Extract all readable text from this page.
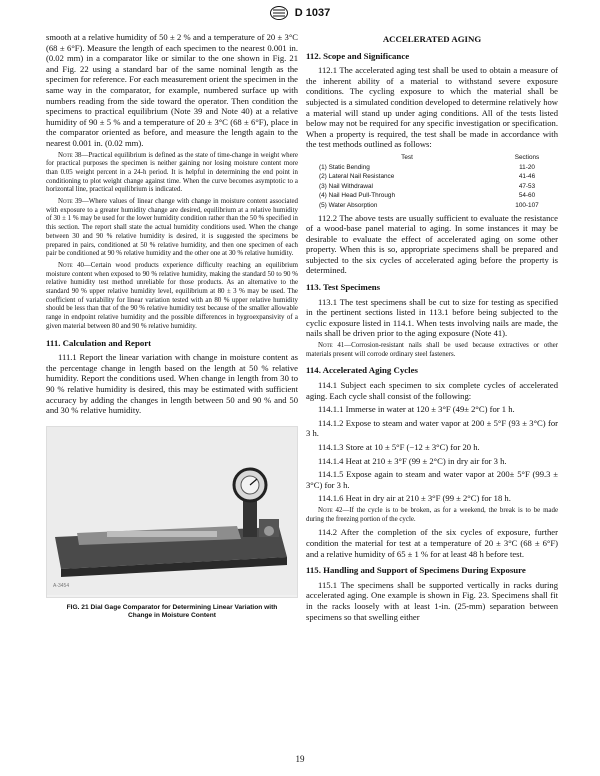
D 1037

smooth at a relative humidity of 50 ± 2 % and a temperature of 20 ± 3°C (68 ± 6°F). Measure the length of each specimen to the nearest 0.001 in. (0.02 mm) in a comparator like or similar to the one shown in Fig. 21 and Fig. 22 using a standard bar of the same nominal length as the specimen for reference. For each measurement orient the specimen in the same way in the comparator, for example, numbered surface up with numbers reading from the side toward the operator. Then condition the specimens to practical equilibrium (Note 39 and Note 40) at a relative humidity of 90 ± 5 % and a temperature of 20 ± 3°C (68 ± 6°F), place in the comparator oriented as before, and measure the length again to the nearest 0.001 in. (0.02 mm).

Note 38—Practical equilibrium is defined as the state of time-change in weight where for practical purposes the specimen is neither gaining nor losing moisture content more than 0.05 weight percent in a 24-h period. It is helpful in determining the end point in conditioning to plot weight change against time. When the curve becomes asymptotic to a horizontal line, practical equilibrium is indicated.
Note 39—Where values of linear change with change in moisture content associated with exposure to a greater humidity change are desired, equilibrium at a relative humidity of 30 ± 1 % may be used for the lower humidity condition rather than the 50 % specified in this section. The report shall state the actual humidity conditions used. When the change between 30 and 90 % relative humidity is desired, it is suggested the specimens be prepared in pairs, conditioned at 50 % relative humidity, and then one specimen of each pair be conditioned at 90 % relative humidity and the other one at 30 % relative humidity.
Note 40—Certain wood products experience difficulty reaching an equilibrium moisture content when exposed to 90 % relative humidity, making the standard 50 to 90 % relative humidity test method unreliable for those products. As an alternative to the standard 90 % upper relative humidity level, equilibrium at 80 ± 3 % may be used. The coefficient of variability for linear variation tested with an 80 % upper relative humidity should be less than that of the 90 % relative humidity test because of the smaller allowable range in endpoint relative humidity and the possible differences in hygroexpansivity of a given material between 80 and 90 % relative humidity.
111. Calculation and Report

111.1 Report the linear variation with change in moisture content as the percentage change in length based on the length at 50 % relative humidity. Report the conditions used. When change in length from 30 to 90 % relative humidity is desired, this may be estimated with sufficient accuracy by adding the changes in length between 50 and 90 % and 50 and 30 % relative humidity.

A-3454
FIG. 21 Dial Gage Comparator for Determining Linear Variation with Change in Moisture Content
ACCELERATED AGING
112. Scope and Significance

112.1 The accelerated aging test shall be used to obtain a measure of the inherent ability of a material to withstand severe exposure conditions. The cycling exposure to which the material shall be subjected is a simulated condition developed to determine relatively how a material will stand up under aging conditions. All of the tests listed below may not be required for any specific investigation or specification. When a property is required, the test shall be made in accordance with the test methods outlined as follows:

Test	Sections
(1) Static Bending	11-20
(2) Lateral Nail Resistance	41-46
(3) Nail Withdrawal	47-53
(4) Nail Head Pull-Through	54-60
(5) Water Absorption	100-107

112.2 The above tests are usually sufficient to evaluate the resistance of a wood-base panel material to aging. In some instances it may be desirable to evaluate the effect of accelerated aging on some other property. When this is so, appropriate specimens shall be prepared and subjected to the six cycles of accelerated aging before the property is determined.

113. Test Specimens

113.1 The test specimens shall be cut to size for testing as specified in the pertinent sections listed in 113.1 before being subjected to the cyclic exposure listed in 114.1. When tests involving nails are made, the nails shall be driven prior to the aging exposure (Note 41).

Note 41—Corrosion-resistant nails shall be used because extractives or other materials present will corrode ordinary steel fasteners.
114. Accelerated Aging Cycles

114.1 Subject each specimen to six complete cycles of accelerated aging. Each cycle shall consist of the following:

114.1.1 Immerse in water at 120 ± 3°F (49± 2°C) for 1 h.

114.1.2 Expose to steam and water vapor at 200 ± 5°F (93 ± 3°C) for 3 h.

114.1.3 Store at 10 ± 5°F (−12 ± 3°C) for 20 h.

114.1.4 Heat at 210 ± 3°F (99 ± 2°C) in dry air for 3 h.

114.1.5 Expose again to steam and water vapor at 200± 5°F (99.3 ± 3°C) for 3 h.

114.1.6 Heat in dry air at 210 ± 3°F (99 ± 2°C) for 18 h.

Note 42—If the cycle is to be broken, as for a weekend, the break is to be made during the freezing portion of the cycle.

114.2 After the completion of the six cycles of exposure, further condition the material for test at a temperature of 20 ± 3°C (68 ± 6°F) and a relative humidity of 65 ± 1 % for at least 48 h before test.

115. Handling and Support of Specimens During Exposure

115.1 The specimens shall be supported vertically in racks during accelerated aging. One example is shown in Fig. 23. Specimens shall fit in the racks loosely with at least 1-in. (25-mm) separation between specimens so that swelling either

19
